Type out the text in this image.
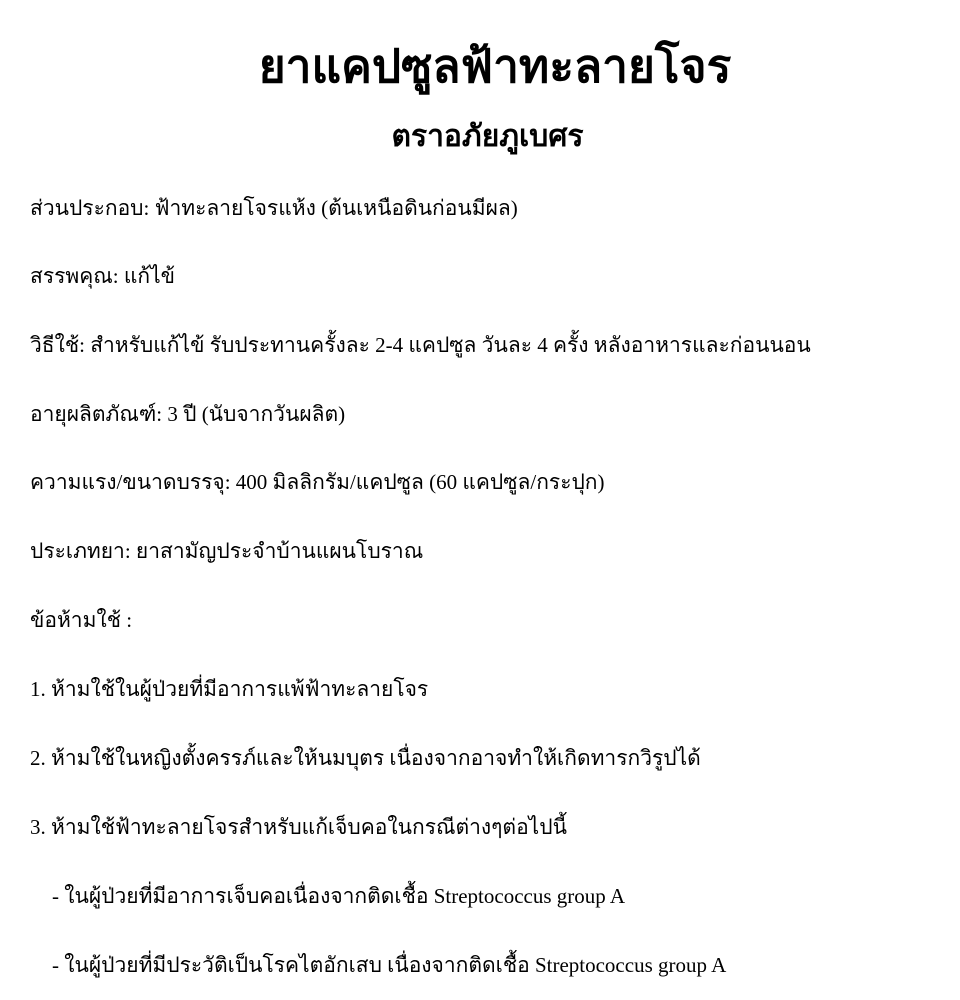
ยาแคปซูลฟ้าทะลายโจร
ตราอภัยภูเบศร

ส่วนประกอบ: ฟ้าทะลายโจรแห้ง (ต้นเหนือดินก่อนมีผล)

สรรพคุณ: แก้ไข้

วิธีใช้: สำหรับแก้ไข้ รับประทานครั้งละ 2-4 แคปซูล วันละ 4 ครั้ง หลังอาหารและก่อนนอน

อายุผลิตภัณฑ์: 3 ปี (นับจากวันผลิต)

ความแรง/ขนาดบรรจุ: 400 มิลลิกรัม/แคปซูล (60 แคปซูล/กระปุก)

ประเภทยา: ยาสามัญประจำบ้านแผนโบราณ

ข้อห้ามใช้ :

1. ห้ามใช้ในผู้ป่วยที่มีอาการแพ้ฟ้าทะลายโจร

2. ห้ามใช้ในหญิงตั้งครรภ์และให้นมบุตร เนื่องจากอาจทำให้เกิดทารกวิรูปได้

3. ห้ามใช้ฟ้าทะลายโจรสำหรับแก้เจ็บคอในกรณีต่างๆต่อไปนี้

- ในผู้ป่วยที่มีอาการเจ็บคอเนื่องจากติดเชื้อ Streptococcus group A

- ในผู้ป่วยที่มีประวัติเป็นโรคไตอักเสบ เนื่องจากติดเชื้อ Streptococcus group A
